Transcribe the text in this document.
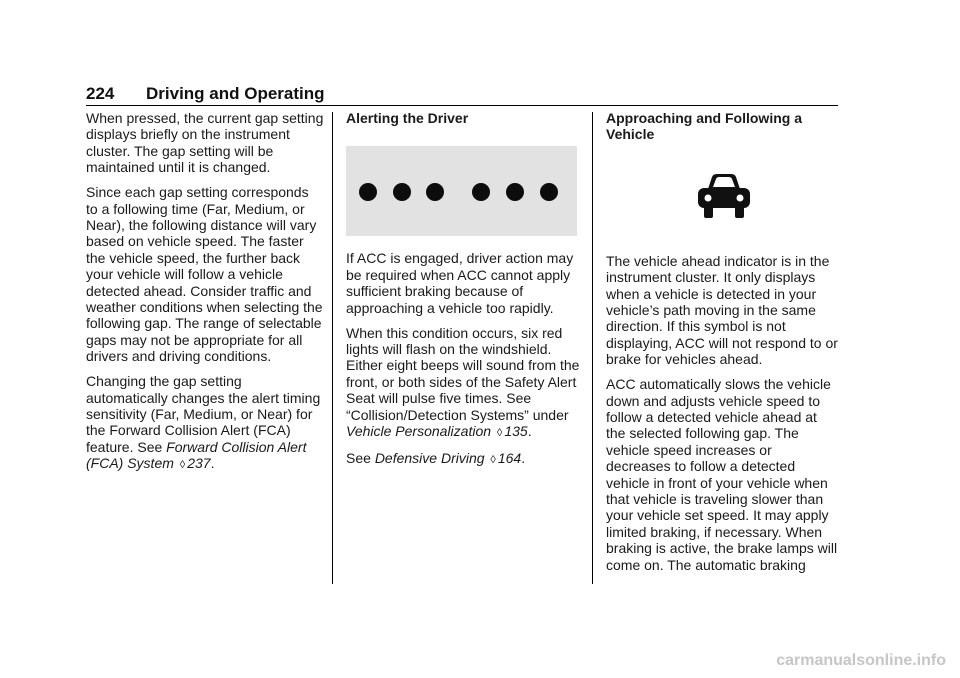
224 Driving and Operating

When pressed, the current gap setting displays briefly on the instrument cluster. The gap setting will be maintained until it is changed.

Since each gap setting corresponds to a following time (Far, Medium, or Near), the following distance will vary based on vehicle speed. The faster the vehicle speed, the further back your vehicle will follow a vehicle detected ahead. Consider traffic and weather conditions when selecting the following gap. The range of selectable gaps may not be appropriate for all drivers and driving conditions.

Changing the gap setting automatically changes the alert timing sensitivity (Far, Medium, or Near) for the Forward Collision Alert (FCA) feature. See Forward Collision Alert (FCA) System ◊ 237.

Alerting the Driver

If ACC is engaged, driver action may be required when ACC cannot apply sufficient braking because of approaching a vehicle too rapidly.

When this condition occurs, six red lights will flash on the windshield. Either eight beeps will sound from the front, or both sides of the Safety Alert Seat will pulse five times. See “Collision/Detection Systems” under Vehicle Personalization ◊ 135.

See Defensive Driving ◊ 164.

Approaching and Following a Vehicle

The vehicle ahead indicator is in the instrument cluster. It only displays when a vehicle is detected in your vehicle’s path moving in the same direction. If this symbol is not displaying, ACC will not respond to or brake for vehicles ahead.

ACC automatically slows the vehicle down and adjusts vehicle speed to follow a detected vehicle ahead at the selected following gap. The vehicle speed increases or decreases to follow a detected vehicle in front of your vehicle when that vehicle is traveling slower than your vehicle set speed. It may apply limited braking, if necessary. When braking is active, the brake lamps will come on. The automatic braking

carmanualsonline.info
